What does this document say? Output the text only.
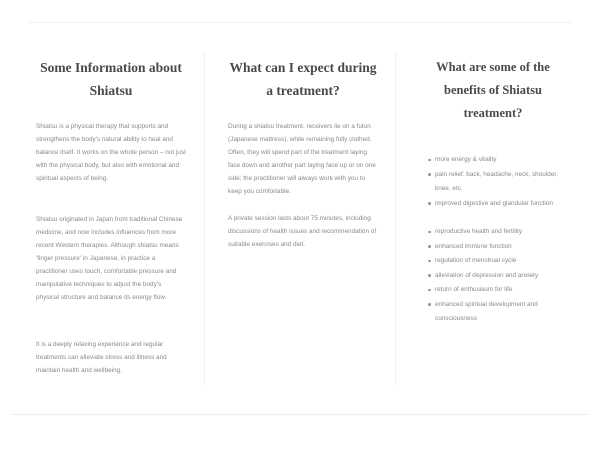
Some Information about Shiatsu

Shiatsu is a physical therapy that supports and strengthens the body's natural ability to heal and balance itself. It works on the whole person – not just with the physical body, but also with emotional and spiritual aspects of being.

Shiatsu originated in Japan from traditional Chinese medicine, and now includes influences from more recent Western therapies. Although shiatsu means 'finger pressure' in Japanese, in practice a practitioner uses touch, comfortable pressure and manipulative techniques to adjust the body's physical structure and balance its energy flow.

It is a deeply relaxing experience and regular treatments can alleviate stress and illness and maintain health and wellbeing.

What can I expect during a treatment?

During a shiatsu treatment, receivers lie on a futon (Japanese mattress), while remaining fully clothed. Often, they will spend part of the treatment laying face down and another part laying face up or on one side; the practitioner will always work with you to keep you comfortable.

A private session lasts about 75 minutes, including discussions of health issues and recommendation of suitable exercises and diet.

What are some of the benefits of Shiatsu treatment?
more energy & vitality
pain relief: back, headache, neck, shoulder, knee, etc.
improved digestive and glandular function
reproductive health and fertility
enhanced immune function
regulation of menstrual cycle
alleviation of depression and anxiety
return of enthusiasm for life
enhanced spiritual development and consciousness
